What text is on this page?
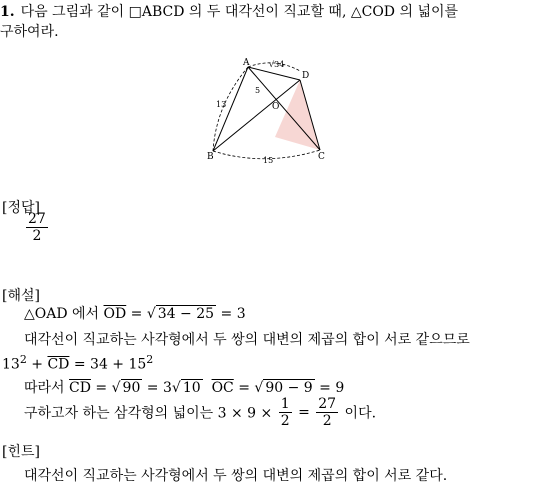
1. 다음 그림과 같이 □ABCD 의 두 대각선이 직교할 때, △COD 의 넓이를
구하여라.
A
D
B	C
O
13
15
√34
5
[정답]
$\frac{27}{2}$
[해설]
△OAD 에서 $\overline{OD}$ = √ 34 − 25 = 3
대각선이 직교하는 사각형에서 두 쌍의 대변의 제곱의 합이 서로 같으므로
$13^2 + \overline{CD} = 34 + 15^2$
따라서 $\overline{CD}$ = √ 90 = 3√ 10 $\overline{OC}$ = √ 90 − 9 = 9
구하고자 하는 삼각형의 넓이는 $3 \times 9 \times \frac{1}{2} = \frac{27}{2}$ 이다.
[힌트]
대각선이 직교하는 사각형에서 두 쌍의 대변의 제곱의 합이 서로 같다.
